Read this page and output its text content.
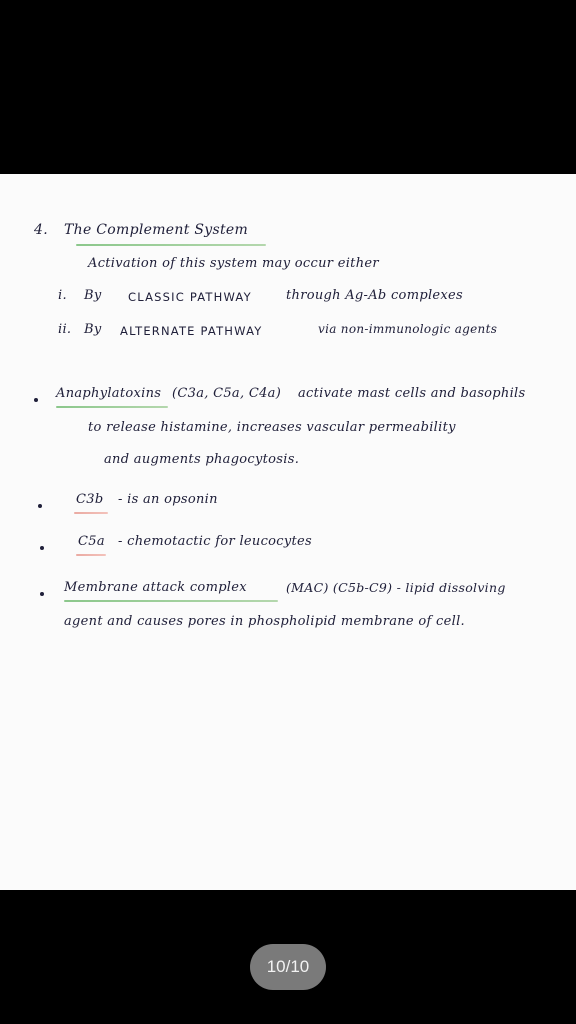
4. The Complement System
Activation of this system may occur either
i. By CLASSIC PATHWAY	through Ag-Ab complexes
ii. By ALTERNATE PATHWAY	via non-immunologic agents
Anaphylatoxins (C3a, C5a, C4a) activate mast cells and basophils
to release histamine, increases vascular permeability
and augments phagocytosis.
C3b - is an opsonin
C5a - chemotactic for leucocytes
Membrane attack complex	(MAC) (C5b-C9) - lipid dissolving
agent and causes pores in phospholipid membrane of cell.
10/10
